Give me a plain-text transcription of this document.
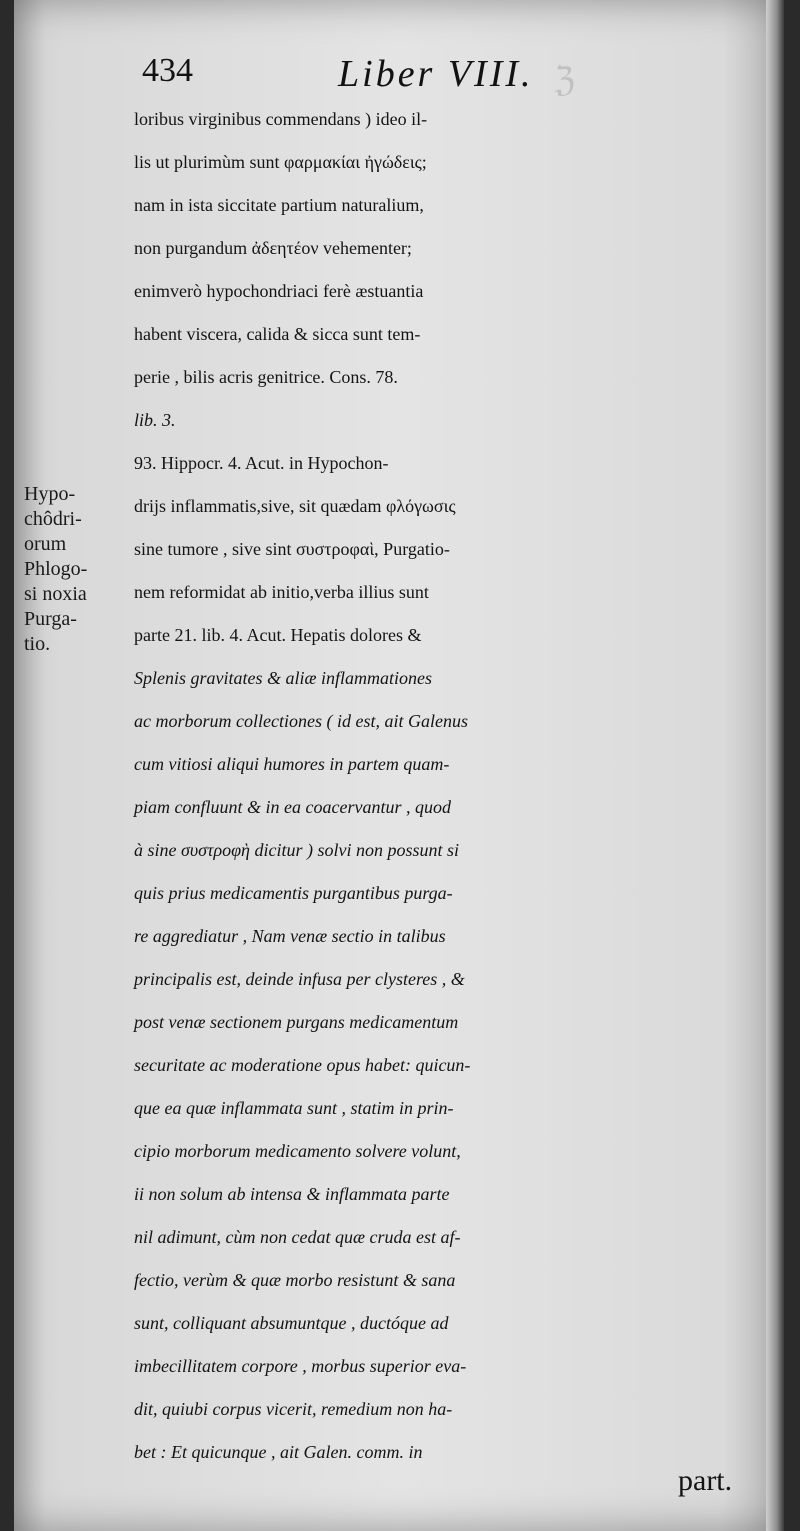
ℨ
434	Liber VIII.
Hypo-
chôdri-
orum
Phlogo-
si noxia
Purga-
tio.
loribus virginibus commendans ) ideo il-
lis ut plurimùm sunt φαρμακίαι ἠγώδεις;
nam in ista siccitate partium naturalium,
non purgandum ἀδεητέον vehementer;
enimverò hypochondriaci ferè æstuantia
habent viscera, calida & sicca sunt tem-
perie , bilis acris genitrice. Cons. 78.
lib. 3.
93. Hippocr. 4. Acut. in Hypochon-
drijs inflammatis,sive, sit quædam φλόγωσις
sine tumore , sive sint συστροφαὶ, Purgatio-
nem reformidat ab initio,verba illius sunt
parte 21. lib. 4. Acut. Hepatis dolores &
Splenis gravitates & aliæ inflammationes
ac morborum collectiones ( id est, ait Galenus
cum vitiosi aliqui humores in partem quam-
piam confluunt & in ea coacervantur , quod
à sine συστροφὴ dicitur ) solvi non possunt si
quis prius medicamentis purgantibus purga-
re aggrediatur , Nam venæ sectio in talibus
principalis est, deinde infusa per clysteres , &
post venæ sectionem purgans medicamentum
securitate ac moderatione opus habet: quicun-
que ea quæ inflammata sunt , statim in prin-
cipio morborum medicamento solvere volunt,
ii non solum ab intensa & inflammata parte
nil adimunt, cùm non cedat quæ cruda est af-
fectio, verùm & quæ morbo resistunt & sana
sunt, colliquant absumuntque , ductóque ad
imbecillitatem corpore , morbus superior eva-
dit, quiubi corpus vicerit, remedium non ha-
bet : Et quicunque , ait Galen. comm. in
part.
